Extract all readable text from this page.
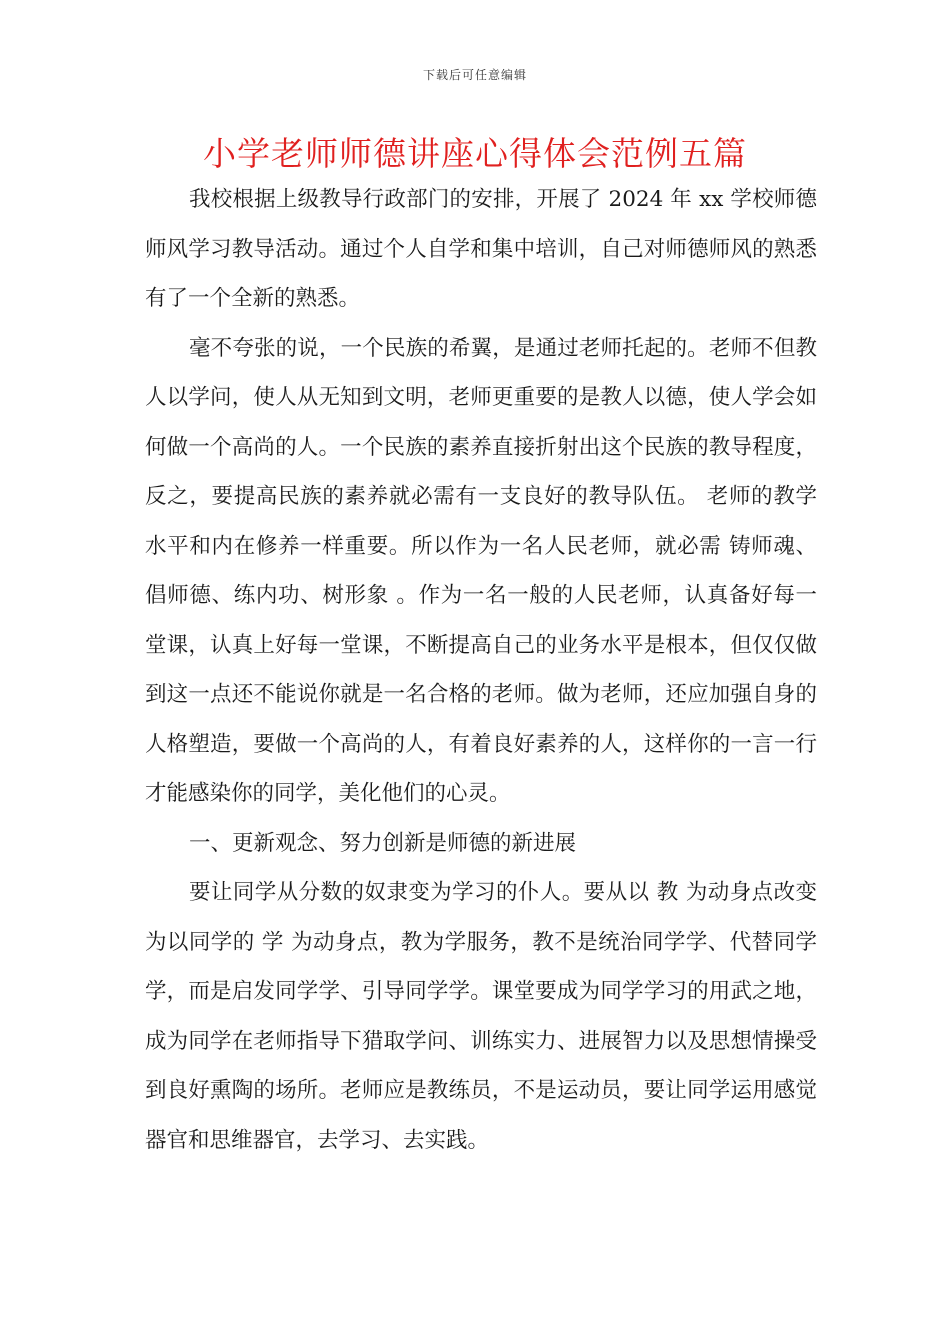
下载后可任意编辑
小学老师师德讲座心得体会范例五篇

我校根据上级教导行政部门的安排，开展了 2024 年 xx 学校师德师风学习教导活动。通过个人自学和集中培训，自己对师德师风的熟悉有了一个全新的熟悉。

毫不夸张的说，一个民族的希翼，是通过老师托起的。老师不但教人以学问，使人从无知到文明，老师更重要的是教人以德，使人学会如何做一个高尚的人。一个民族的素养直接折射出这个民族的教导程度，反之，要提高民族的素养就必需有一支良好的教导队伍。 老师的教学水平和内在修养一样重要。所以作为一名人民老师，就必需 铸师魂、倡师德、练内功、树形象 。作为一名一般的人民老师，认真备好每一堂课，认真上好每一堂课，不断提高自己的业务水平是根本，但仅仅做到这一点还不能说你就是一名合格的老师。做为老师，还应加强自身的人格塑造，要做一个高尚的人，有着良好素养的人，这样你的一言一行才能感染你的同学，美化他们的心灵。

一、更新观念、努力创新是师德的新进展

要让同学从分数的奴隶变为学习的仆人。要从以 教 为动身点改变为以同学的 学 为动身点，教为学服务，教不是统治同学学、代替同学学，而是启发同学学、引导同学学。课堂要成为同学学习的用武之地，成为同学在老师指导下猎取学问、训练实力、进展智力以及思想情操受到良好熏陶的场所。老师应是教练员，不是运动员，要让同学运用感觉器官和思维器官，去学习、去实践。
